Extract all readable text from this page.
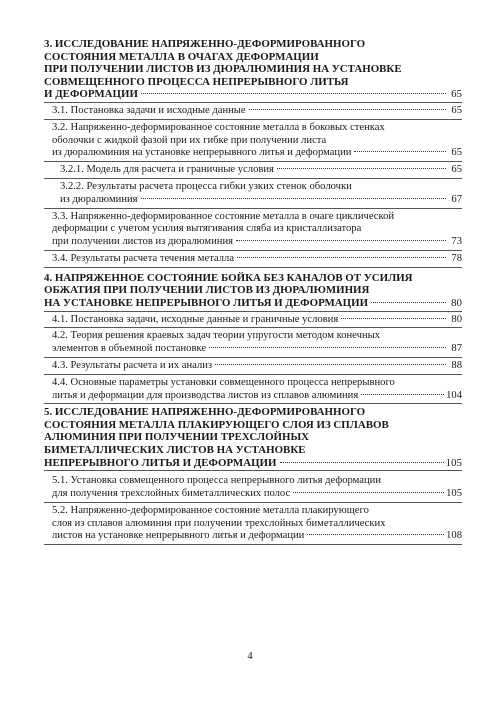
3. ИССЛЕДОВАНИЕ НАПРЯЖЕННО-ДЕФОРМИРОВАННОГО
СОСТОЯНИЯ МЕТАЛЛА В ОЧАГАХ ДЕФОРМАЦИИ
ПРИ ПОЛУЧЕНИИ ЛИСТОВ ИЗ ДЮРАЛЮМИНИЯ НА УСТАНОВКЕ
СОВМЕЩЕННОГО ПРОЦЕССА НЕПРЕРЫВНОГО ЛИТЬЯ
И ДЕФОРМАЦИИ	65
3.1. Постановка задачи и исходные данные	65
3.2. Напряженно-деформированное состояние металла в боковых стенках
оболочки с жидкой фазой при их гибке при получении листа
из дюралюминия на установке непрерывного литья и деформации	65
3.2.1. Модель для расчета и граничные условия	65
3.2.2. Результаты расчета процесса гибки узких стенок оболочки
из дюралюминия	67
3.3. Напряженно-деформированное состояние металла в очаге циклической
деформации с учетом усилия вытягивания сляба из кристаллизатора
при получении листов из дюралюминия	73
3.4. Результаты расчета течения металла	78
4. НАПРЯЖЕННОЕ СОСТОЯНИЕ БОЙКА БЕЗ КАНАЛОВ ОТ УСИЛИЯ
ОБЖАТИЯ ПРИ ПОЛУЧЕНИИ ЛИСТОВ ИЗ ДЮРАЛЮМИНИЯ
НА УСТАНОВКЕ НЕПРЕРЫВНОГО ЛИТЬЯ И ДЕФОРМАЦИИ	80
4.1. Постановка задачи, исходные данные и граничные условия	80
4.2. Теория решения краевых задач теории упругости методом конечных
элементов в объемной постановке	87
4.3. Результаты расчета и их анализ	88
4.4. Основные параметры установки совмещенного процесса непрерывного
литья и деформации для производства листов из сплавов алюминия	104
5. ИССЛЕДОВАНИЕ НАПРЯЖЕННО-ДЕФОРМИРОВАННОГО
СОСТОЯНИЯ МЕТАЛЛА ПЛАКИРУЮЩЕГО СЛОЯ ИЗ СПЛАВОВ
АЛЮМИНИЯ ПРИ ПОЛУЧЕНИИ ТРЕХСЛОЙНЫХ
БИМЕТАЛЛИЧЕСКИХ ЛИСТОВ НА УСТАНОВКЕ
НЕПРЕРЫВНОГО ЛИТЬЯ И ДЕФОРМАЦИИ	105
5.1. Установка совмещенного процесса непрерывного литья деформации
для получения трехслойных биметаллических полос	105
5.2. Напряженно-деформированное состояние металла плакирующего
слоя из сплавов алюминия при получении трехслойных биметаллических
листов на установке непрерывного литья и деформации	108
4
